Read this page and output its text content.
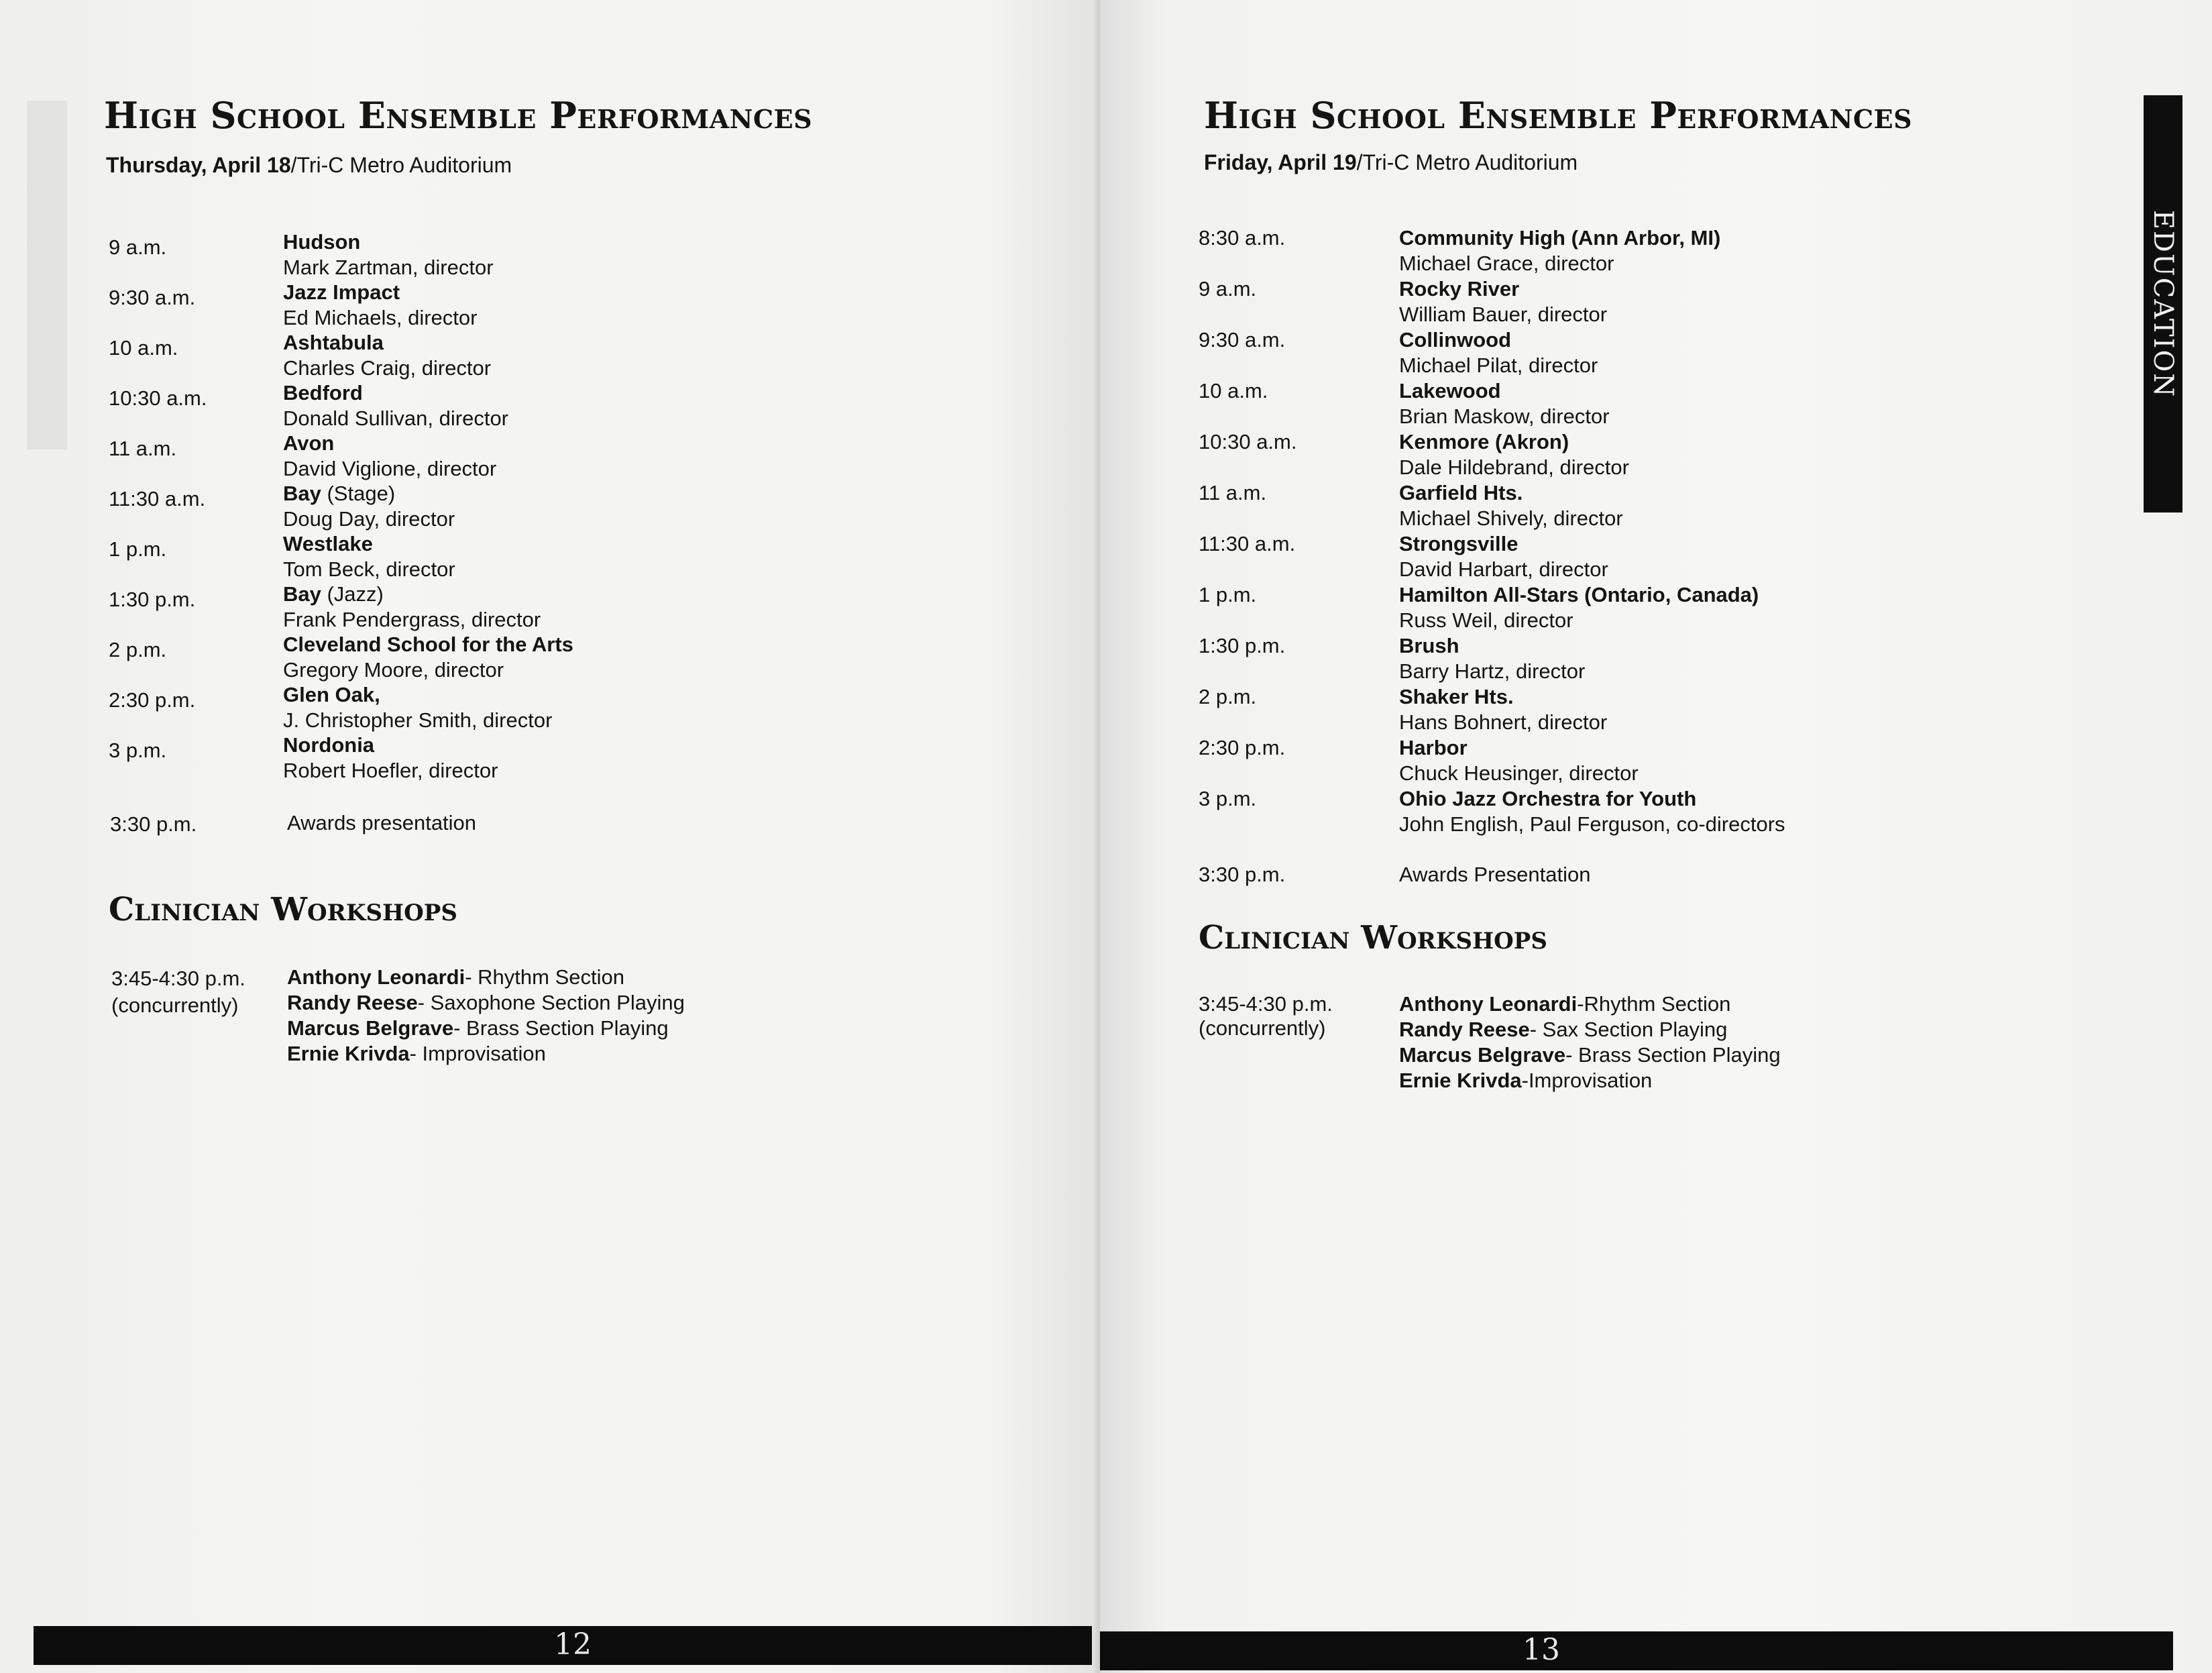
High School Ensemble Performances
Thursday, April 18/Tri-C Metro Auditorium
9 a.m.	Hudson
Mark Zartman, director
9:30 a.m.	Jazz Impact
Ed Michaels, director
10 a.m.	Ashtabula
Charles Craig, director
10:30 a.m.	Bedford
Donald Sullivan, director
11 a.m.	Avon
David Viglione, director
11:30 a.m.	Bay (Stage)
Doug Day, director
1 p.m.	Westlake
Tom Beck, director
1:30 p.m.	Bay (Jazz)
Frank Pendergrass, director
2 p.m.	Cleveland School for the Arts
Gregory Moore, director
2:30 p.m.	Glen Oak,
J. Christopher Smith, director
3 p.m.	Nordonia
Robert Hoefler, director
3:30 p.m.	Awards presentation
Clinician Workshops
3:45-4:30 p.m.
(concurrently)
Anthony Leonardi- Rhythm Section
Randy Reese- Saxophone Section Playing
Marcus Belgrave- Brass Section Playing
Ernie Krivda- Improvisation
12
High School Ensemble Performances
Friday, April 19/Tri-C Metro Auditorium
8:30 a.m.	Community High (Ann Arbor, MI)
Michael Grace, director
9 a.m.	Rocky River
William Bauer, director
9:30 a.m.	Collinwood
Michael Pilat, director
10 a.m.	Lakewood
Brian Maskow, director
10:30 a.m.	Kenmore (Akron)
Dale Hildebrand, director
11 a.m.	Garfield Hts.
Michael Shively, director
11:30 a.m.	Strongsville
David Harbart, director
1 p.m.	Hamilton All-Stars (Ontario, Canada)
Russ Weil, director
1:30 p.m.	Brush
Barry Hartz, director
2 p.m.	Shaker Hts.
Hans Bohnert, director
2:30 p.m.	Harbor
Chuck Heusinger, director
3 p.m.	Ohio Jazz Orchestra for Youth
John English, Paul Ferguson, co-directors
3:30 p.m.	Awards Presentation
Clinician Workshops
3:45-4:30 p.m.
(concurrently)
Anthony Leonardi-Rhythm Section
Randy Reese- Sax Section Playing
Marcus Belgrave- Brass Section Playing
Ernie Krivda-Improvisation
13
EDUCATION
